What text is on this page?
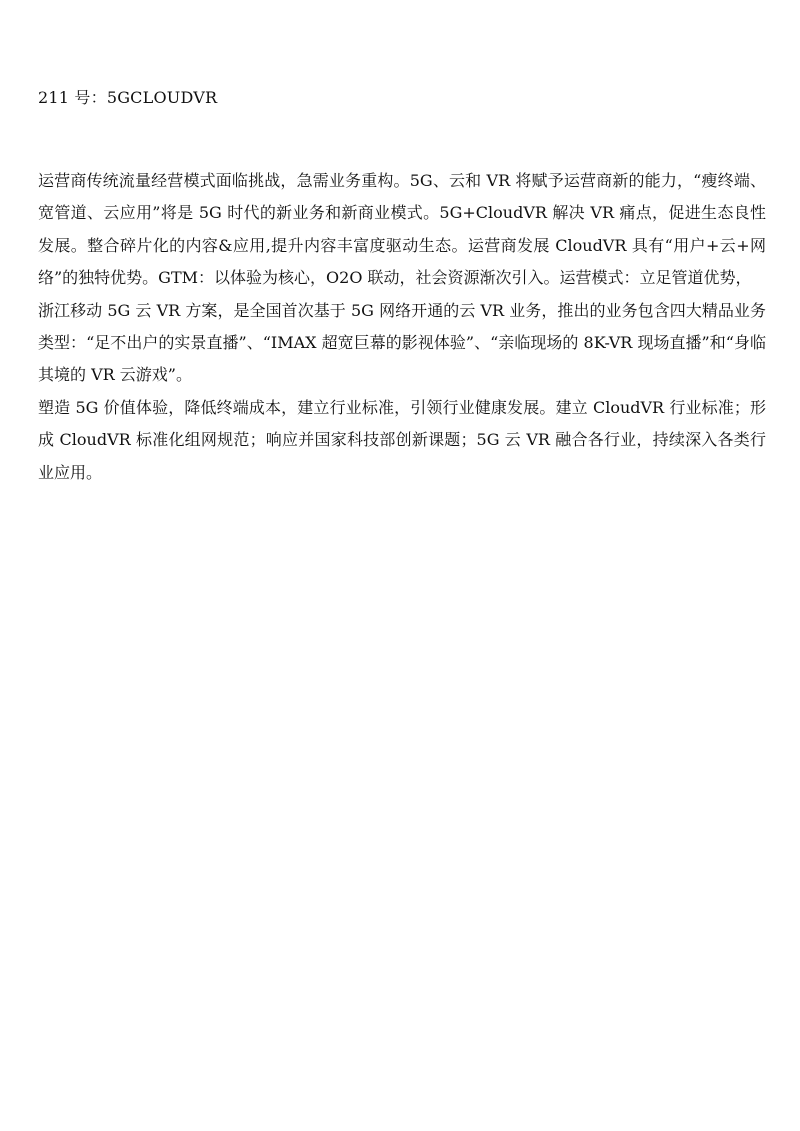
211 号：5GCLOUDVR

运营商传统流量经营模式面临挑战，急需业务重构。5G、云和 VR 将赋予运营商新的能力，“瘦终端、宽管道、云应用”将是 5G 时代的新业务和新商业模式。5G+CloudVR 解决 VR 痛点，促进生态良性发展。整合碎片化的内容&应用,提升内容丰富度驱动生态。运营商发展 CloudVR 具有“用户+云+网络”的独特优势。GTM：以体验为核心，O2O 联动，社会资源渐次引入。运营模式：立足管道优势，

浙江移动 5G 云 VR 方案，是全国首次基于 5G 网络开通的云 VR 业务，推出的业务包含四大精品业务类型：“足不出户的实景直播”、“IMAX 超宽巨幕的影视体验”、“亲临现场的 8K-VR 现场直播”和“身临其境的 VR 云游戏”。

塑造 5G 价值体验，降低终端成本，建立行业标准，引领行业健康发展。建立 CloudVR 行业标准；形成 CloudVR 标准化组网规范；响应并国家科技部创新课题；5G 云 VR 融合各行业，持续深入各类行业应用。
